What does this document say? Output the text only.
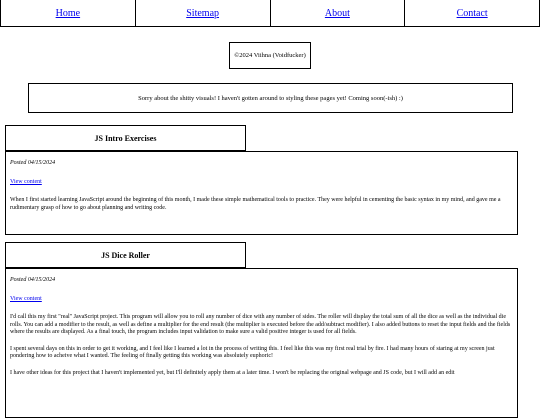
Home	Sitemap	About	Contact
©2024 Viihna (Voidfucker)
Sorry about the shitty visuals! I haven't gotten around to styling these pages yet! Coming soon(-ish) :)
JS Intro Exercises
Posted 04/15/2024
View content

When I first started learning JavaScript around the beginning of this month, I made these simple mathematical tools to practice. They were helpful in cementing the basic syntax in my mind, and gave me a rudimentary grasp of how to go about planning and writing code.

JS Dice Roller
Posted 04/15/2024
View content

I'd call this my first "real" JavaScript project. This program will allow you to roll any number of dice with any number of sides. The roller will display the total sum of all the dice as well as the individual die rolls. You can add a modifier to the result, as well as define a multiplier for the end result (the multiplier is executed before the add/subtract modifier). I also added buttons to reset the input fields and the fields where the results are displayed. As a final touch, the program includes input validation to make sure a valid positive integer is used for all fields.

I spent several days on this in order to get it working, and I feel like I learned a lot in the process of writing this. I feel like this was my first real trial by fire. I had many hours of staring at my screen just pondering how to acheive what I wanted. The feeling of finally getting this working was absolutely euphoric!

I have other ideas for this project that I haven't implemented yet, but I'll definitely apply them at a later time. I won't be replacing the original webpage and JS code, but I will add an edit
